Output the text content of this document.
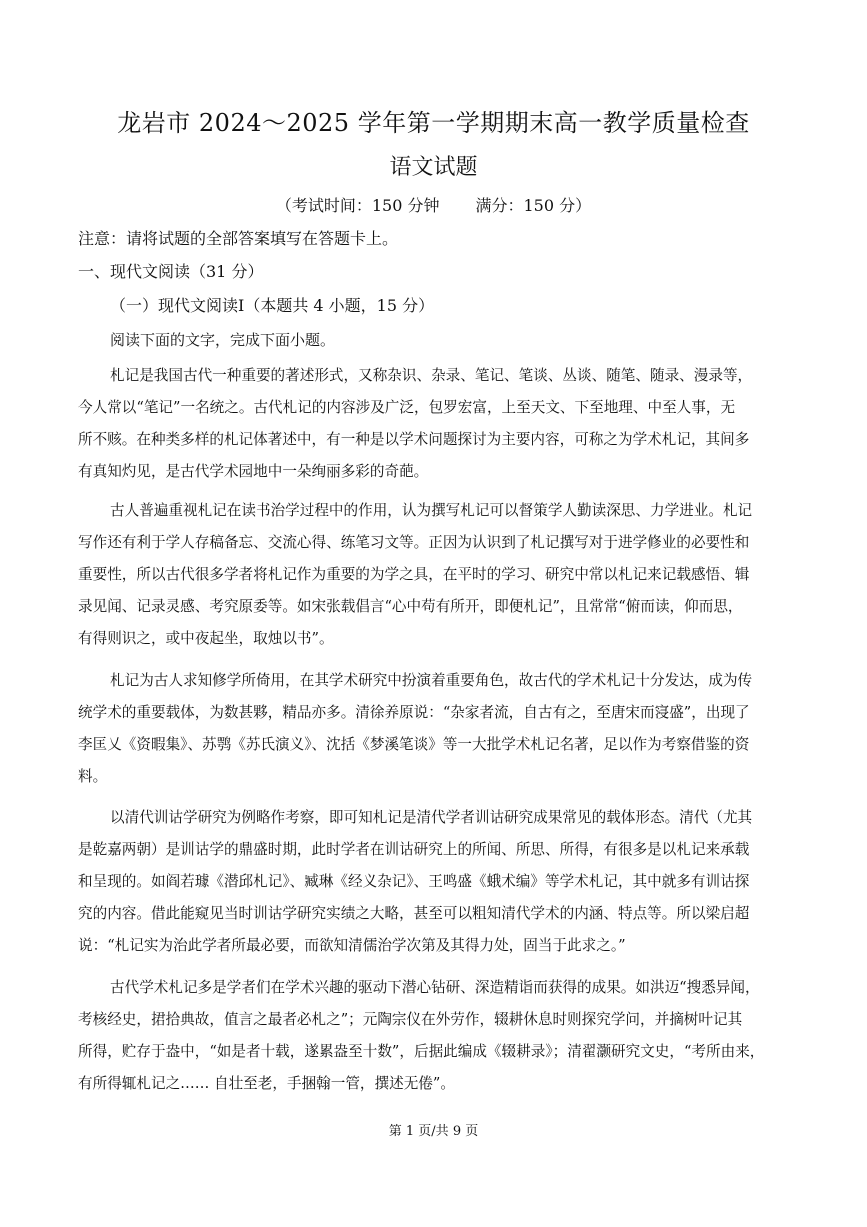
龙岩市 2024～2025 学年第一学期期末高一教学质量检查
语文试题
（考试时间：150 分钟 满分：150 分）
注意：请将试题的全部答案填写在答题卡上。
一、现代文阅读（31 分）
（一）现代文阅读Ⅰ（本题共 4 小题，15 分）
阅读下面的文字，完成下面小题。
札记是我国古代一种重要的著述形式，又称杂识、杂录、笔记、笔谈、丛谈、随笔、随录、漫录等，
今人常以“笔记”一名统之。古代札记的内容涉及广泛，包罗宏富，上至天文、下至地理、中至人事，无
所不赅。在种类多样的札记体著述中，有一种是以学术问题探讨为主要内容，可称之为学术札记，其间多
有真知灼见，是古代学术园地中一朵绚丽多彩的奇葩。
古人普遍重视札记在读书治学过程中的作用，认为撰写札记可以督策学人勤读深思、力学进业。札记
写作还有利于学人存稿备忘、交流心得、练笔习文等。正因为认识到了札记撰写对于进学修业的必要性和
重要性，所以古代很多学者将札记作为重要的为学之具，在平时的学习、研究中常以札记来记载感悟、辑
录见闻、记录灵感、考究原委等。如宋张载倡言“心中苟有所开，即便札记”，且常常“俯而读，仰而思，
有得则识之，或中夜起坐，取烛以书”。
札记为古人求知修学所倚用，在其学术研究中扮演着重要角色，故古代的学术札记十分发达，成为传
统学术的重要载体，为数甚夥，精品亦多。清徐养原说：“杂家者流，自古有之，至唐宋而寖盛”，出现了
李匡乂《资暇集》、苏鹗《苏氏演义》、沈括《梦溪笔谈》等一大批学术札记名著，足以作为考察借鉴的资
料。
以清代训诂学研究为例略作考察，即可知札记是清代学者训诂研究成果常见的载体形态。清代（尤其
是乾嘉两朝）是训诂学的鼎盛时期，此时学者在训诂研究上的所闻、所思、所得，有很多是以札记来承载
和呈现的。如阎若璩《潜邱札记》、臧琳《经义杂记》、王鸣盛《蛾术编》等学术札记，其中就多有训诂探
究的内容。借此能窥见当时训诂学研究实绩之大略，甚至可以粗知清代学术的内涵、特点等。所以梁启超
说：“札记实为治此学者所最必要，而欲知清儒治学次第及其得力处，固当于此求之。”
古代学术札记多是学者们在学术兴趣的驱动下潜心钻研、深造精诣而获得的成果。如洪迈“搜悉异闻，
考核经史，捃拾典故，值言之最者必札之”；元陶宗仪在外劳作，辍耕休息时则探究学问，并摘树叶记其
所得，贮存于盎中，“如是者十载，遂累盎至十数”，后据此编成《辍耕录》；清翟灏研究文史，“考所由来，
有所得辄札记之…… 自壮至老，手捆翰一管，撰述无倦”。
第 1 页/共 9 页
